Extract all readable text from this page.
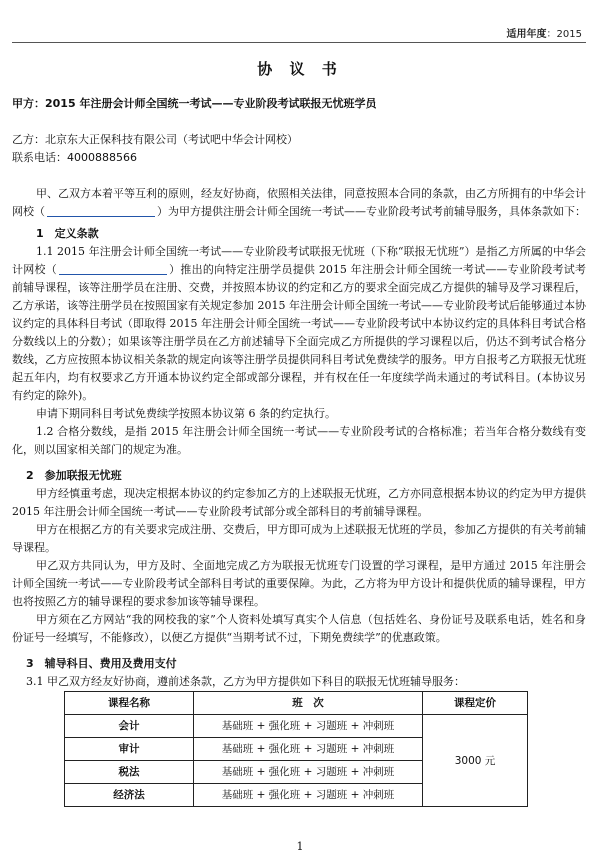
适用年度：2015
协 议 书

甲方：2015 年注册会计师全国统一考试——专业阶段考试联报无忧班学员

乙方：北京东大正保科技有限公司（考试吧中华会计网校）

联系电话：4000888566

甲、乙双方本着平等互利的原则，经友好协商，依照相关法律，同意按照本合同的条款，由乙方所拥有的中华会计网校（	）为甲方提供注册会计师全国统一考试——专业阶段考试考前辅导服务，具体条款如下：

1　定义条款

1.1 2015 年注册会计师全国统一考试——专业阶段考试联报无忧班（下称“联报无忧班”）是指乙方所属的中华会计网校（	）推出的向特定注册学员提供 2015 年注册会计师全国统一考试——专业阶段考试考前辅导课程，该等注册学员在注册、交费，并按照本协议的约定和乙方的要求全面完成乙方提供的辅导及学习课程后，乙方承诺，该等注册学员在按照国家有关规定参加 2015 年注册会计师全国统一考试——专业阶段考试后能够通过本协议约定的具体科目考试（即取得 2015 年注册会计师全国统一考试——专业阶段考试中本协议约定的具体科目考试合格分数线以上的分数）；如果该等注册学员在乙方前述辅导下全面完成乙方所提供的学习课程以后，仍达不到考试合格分数线，乙方应按照本协议相关条款的规定向该等注册学员提供同科目考试免费续学的服务。甲方自报考乙方联报无忧班起五年内，均有权要求乙方开通本协议约定全部或部分课程，并有权在任一年度续学尚未通过的考试科目。(本协议另有约定的除外)。

申请下期同科目考试免费续学按照本协议第 6 条的约定执行。

1.2 合格分数线，是指 2015 年注册会计师全国统一考试——专业阶段考试的合格标准；若当年合格分数线有变化，则以国家相关部门的规定为准。

2　参加联报无忧班

甲方经慎重考虑，现决定根据本协议的约定参加乙方的上述联报无忧班，乙方亦同意根据本协议的约定为甲方提供 2015 年注册会计师全国统一考试——专业阶段考试部分或全部科目的考前辅导课程。

甲方在根据乙方的有关要求完成注册、交费后，甲方即可成为上述联报无忧班的学员，参加乙方提供的有关考前辅导课程。

甲乙双方共同认为，甲方及时、全面地完成乙方为联报无忧班专门设置的学习课程，是甲方通过 2015 年注册会计师全国统一考试——专业阶段考试全部科目考试的重要保障。为此，乙方将为甲方设计和提供优质的辅导课程，甲方也将按照乙方的辅导课程的要求参加该等辅导课程。

甲方须在乙方网站“我的网校我的家”个人资料处填写真实个人信息（包括姓名、身份证号及联系电话，姓名和身份证号一经填写，不能修改），以便乙方提供“当期考试不过，下期免费续学”的优惠政策。

3　辅导科目、费用及费用支付

3.1 甲乙双方经友好协商，遵前述条款，乙方为甲方提供如下科目的联报无忧班辅导服务：

课程名称	班　次	课程定价
会计	基础班 + 强化班 + 习题班 + 冲刺班	3000 元
审计	基础班 + 强化班 + 习题班 + 冲刺班	
税法	基础班 + 强化班 + 习题班 + 冲刺班	
经济法	基础班 + 强化班 + 习题班 + 冲刺班	
1
